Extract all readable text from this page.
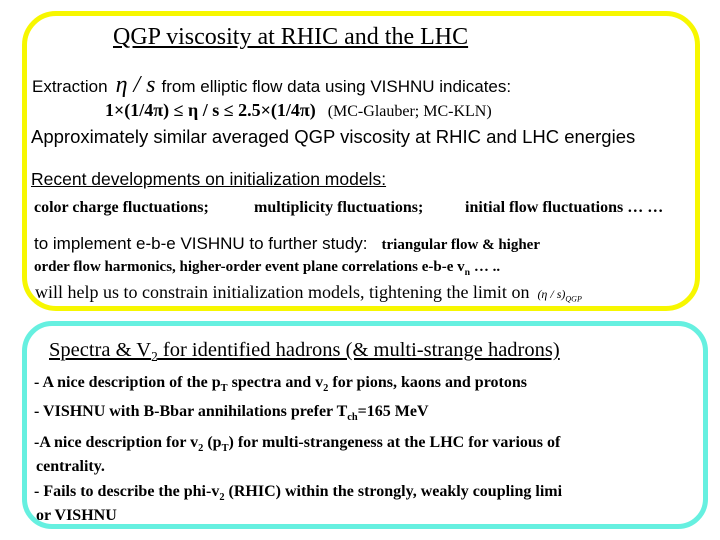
QGP viscosity at RHIC and the LHC
Extraction η / s from elliptic flow data using VISHNU indicates:
1×(1/4π) ≤ η / s ≤ 2.5×(1/4π) (MC-Glauber; MC-KLN)
Approximately similar averaged QGP viscosity at RHIC and LHC energies
Recent developments on initialization models:
color charge fluctuations;	multiplicity fluctuations;	initial flow fluctuations … …
to implement e-b-e VISHNU to further study: triangular flow & higher
order flow harmonics, higher-order event plane correlations e-b-e $v_n$ … ..
will help us to constrain initialization models, tightening the limit on $(\eta / s)_{QGP}$
Spectra & $V_2$ for identified hadrons (& multi-strange hadrons)
- A nice description of the $p_T$ spectra and $v_2$ for pions, kaons and protons
- VISHNU with B-Bbar annihilations prefer $T_{ch}=165$ MeV
-A nice description for $v_2$ $(p_T)$ for multi-strangeness at the LHC for various of
centrality.
- Fails to describe the phi-$v_2$ (RHIC) within the strongly, weakly coupling limi
or VISHNU
